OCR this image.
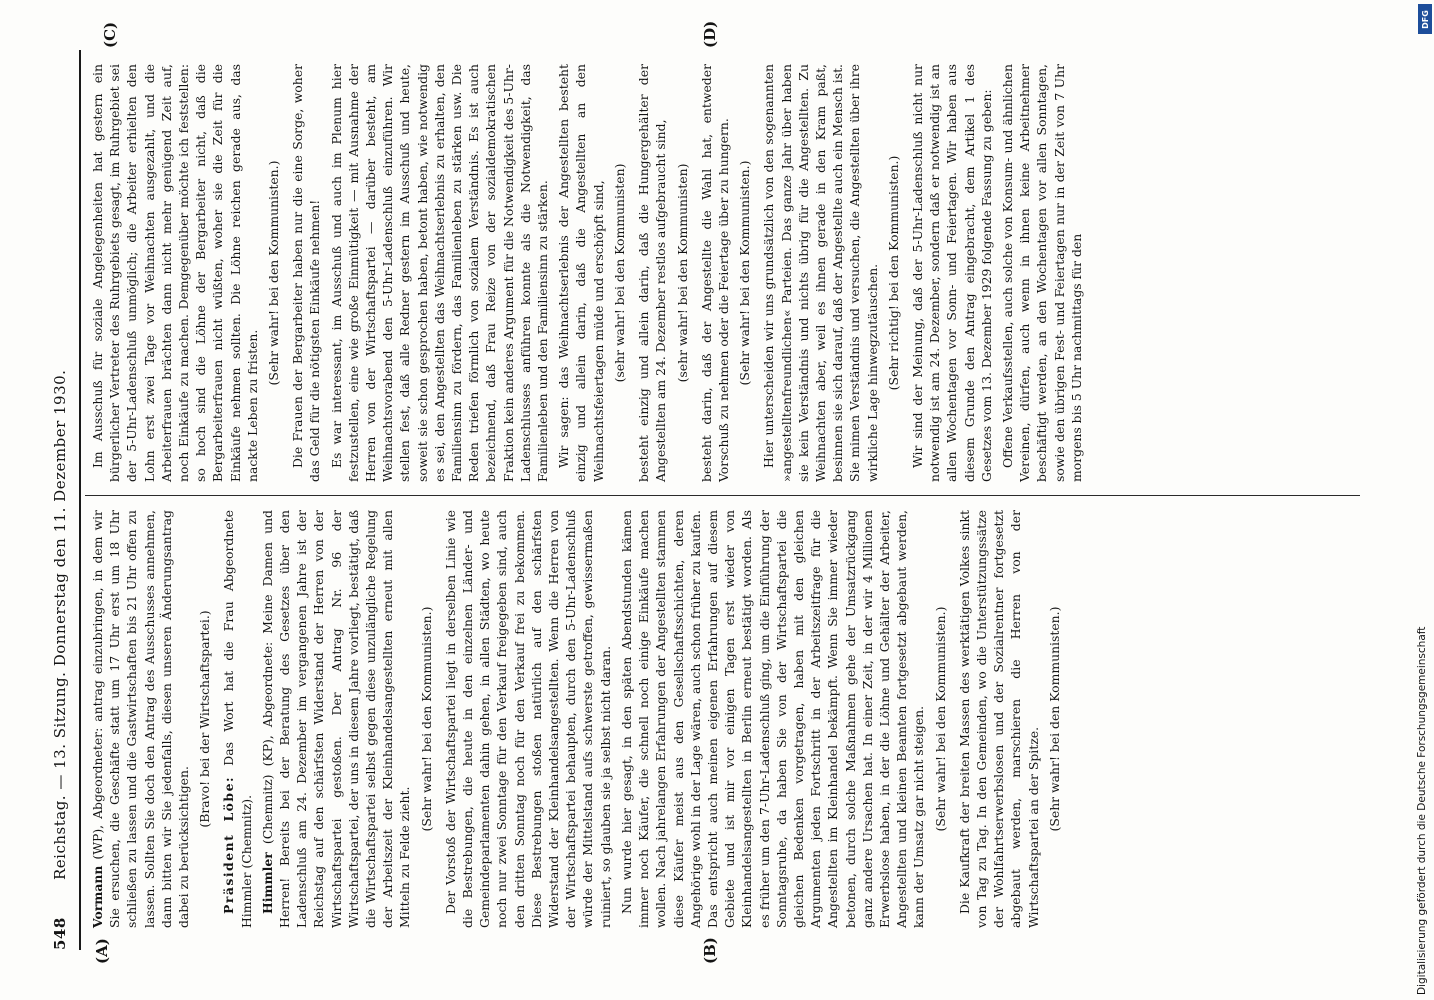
548
Reichstag. — 13. Sitzung. Donnerstag den 11. Dezember 1930.
(A)	(B)
(C)	(D)

Vormann (WP), Abgeordneter: antrag einzubringen, in dem wir Sie ersuchen, die Geschäfte statt um 17 Uhr erst um 18 Uhr schließen zu lassen und die Gastwirtschaften bis 21 Uhr offen zu lassen. Sollten Sie doch den Antrag des Ausschusses annehmen, dann bitten wir Sie jedenfalls, diesen unseren Änderungsantrag dabei zu berücksichtigen.

(Bravo! bei der Wirtschaftspartei.)

Präsident Löbe: Das Wort hat die Frau Abgeordnete Himmler (Chemnitz). Himmler (Chemnitz) (KP), Abgeordnete: Meine Damen und Herren! Bereits bei der Beratung des Gesetzes über den Ladenschluß am 24. Dezember im vergangenen Jahre ist der Reichstag auf den schärfsten Widerstand der Herren von der Wirtschaftspartei gestoßen. Der Antrag Nr. 96 der Wirtschaftspartei, der uns in diesem Jahre vorliegt, bestätigt, daß die Wirtschaftspartei selbst gegen diese unzulängliche Regelung der Arbeitszeit der Kleinhandelsangestellten erneut mit allen Mitteln zu Felde zieht.

(Sehr wahr! bei den Kommunisten.) Der Vorstoß der Wirtschaftspartei liegt in derselben Linie wie die Bestrebungen, die heute in den einzelnen Länder- und Gemeindeparlamenten dahin gehen, in allen Städten, wo heute noch nur zwei Sonntage für den Verkauf freigegeben sind, auch den dritten Sonntag noch für den Verkauf frei zu bekommen. Diese Bestrebungen stoßen natürlich auf den schärfsten Widerstand der Kleinhandelsangestellten. Wenn die Herren von der Wirtschaftspartei behaupten, durch den 5-Uhr-Ladenschluß würde der Mittelstand aufs schwerste getroffen, gewissermaßen ruiniert, so glauben sie ja selbst nicht daran. Nun wurde hier gesagt, in den späten Abendstunden kämen immer noch Käufer, die schnell noch einige Einkäufe machen wollen. Nach jahrelangen Erfahrungen der Angestellten stammen diese Käufer meist aus den Gesellschaftsschichten, deren Angehörige wohl in der Lage wären, auch schon früher zu kaufen. Das entspricht auch meinen eigenen Erfahrungen auf diesem Gebiete und ist mir vor einigen Tagen erst wieder von Kleinhandelsangestellten in Berlin erneut bestätigt worden. Als es früher um den 7-Uhr-Ladenschluß ging, um die Einführung der Sonntagsruhe, da haben Sie von der Wirtschaftspartei die gleichen Bedenken vorgetragen, haben mit den gleichen Argumenten jeden Fortschritt in der Arbeitszeitfrage für die Angestellten im Kleinhandel bekämpft. Wenn Sie immer wieder betonen, durch solche Maßnahmen gehe der Umsatzrückgang ganz andere Ursachen hat. In einer Zeit, in der wir 4 Millionen Erwerbslose haben, in der die Löhne und Gehälter der Arbeiter, Angestellten und kleinen Beamten fortgesetzt abgebaut werden, kann der Umsatz gar nicht steigen. (Sehr wahr! bei den Kommunisten.) Die Kaufkraft der breiten Massen des werktätigen Volkes sinkt von Tag zu Tag. In den Gemeinden, wo die Unterstützungssätze der Wohlfahrtserwerbslosen und der Sozialrentner fortgesetzt abgebaut werden, marschieren die Herren von der Wirtschaftspartei an der Spitze. (Sehr wahr! bei den Kommunisten.)

Im Ausschuß für soziale Angelegenheiten hat gestern ein bürgerlicher Vertreter des Ruhrgebiets gesagt, im Ruhrgebiet sei der 5-Uhr-Ladenschluß unmöglich; die Arbeiter erhielten den Lohn erst zwei Tage vor Weihnachten ausgezahlt, und die Arbeiterfrauen brächten dann nicht mehr genügend Zeit auf, noch Einkäufe zu machen. Demgegenüber möchte ich feststellen: so hoch sind die Löhne der Bergarbeiter nicht, daß die Bergarbeiterfrauen nicht wüßten, woher sie die Zeit für die Einkäufe nehmen sollten. Die Löhne reichen gerade aus, das nackte Leben zu fristen.

(Sehr wahr! bei den Kommunisten.) Die Frauen der Bergarbeiter haben nur die eine Sorge, woher das Geld für die nötigsten Einkäufe nehmen! Es war interessant, im Ausschuß und auch im Plenum hier festzustellen, eine wie große Einmütigkeit — mit Ausnahme der Herren von der Wirtschaftspartei — darüber besteht, am Weihnachtsvorabend den 5-Uhr-Ladenschluß einzuführen. Wir stellen fest, daß alle Redner gestern im Ausschuß und heute, soweit sie schon gesprochen haben, betont haben, wie notwendig es sei, den Angestellten das Weihnachtserlebnis zu erhalten, den Familiensinn zu fördern, das Familienleben zu stärken usw. Die Reden triefen förmlich von sozialem Verständnis. Es ist auch bezeichnend, daß Frau Reize von der sozialdemokratischen Fraktion kein anderes Argument für die Notwendigkeit des 5-Uhr-Ladenschlusses anführen konnte als die Notwendigkeit, das Familienleben und den Familiensinn zu stärken. Wir sagen: das Weihnachtserlebnis der Angestellten besteht einzig und allein darin, daß die Angestellten an den Weihnachtsfeiertagen müde und erschöpft sind, (sehr wahr! bei den Kommunisten) besteht einzig und allein darin, daß die Hungergehälter der Angestellten am 24. Dezember restlos aufgebraucht sind, (sehr wahr! bei den Kommunisten) besteht darin, daß der Angestellte die Wahl hat, entweder Vorschuß zu nehmen oder die Feiertage über zu hungern. (Sehr wahr! bei den Kommunisten.) Hier unterscheiden wir uns grundsätzlich von den sogenannten »angestelltenfreundlichen« Parteien. Das ganze Jahr über haben sie kein Verständnis und nichts übrig für die Angestellten. Zu Weihnachten aber, weil es ihnen gerade in den Kram paßt, besinnen sie sich darauf, daß der Angestellte auch ein Mensch ist. Sie mimen Verständnis und versuchen, die Angestellten über ihre wirkliche Lage hinwegzutäuschen. (Sehr richtig! bei den Kommunisten.) Wir sind der Meinung, daß der 5-Uhr-Ladenschluß nicht nur notwendig ist am 24. Dezember, sondern daß er notwendig ist an allen Wochentagen vor Sonn- und Feiertagen. Wir haben aus diesem Grunde den Antrag eingebracht, dem Artikel 1 des Gesetzes vom 13. Dezember 1929 folgende Fassung zu geben: Offene Verkaufsstellen, auch solche von Konsum- und ähnlichen Vereinen, dürfen, auch wenn in ihnen keine Arbeitnehmer beschäftigt werden, an den Wochentagen vor allen Sonntagen, sowie den übrigen Fest- und Feiertagen nur in der Zeit von 7 Uhr morgens bis 5 Uhr nachmittags für den

DFG
Digitalisierung gefördert durch die Deutsche Forschungsgemeinschaft
